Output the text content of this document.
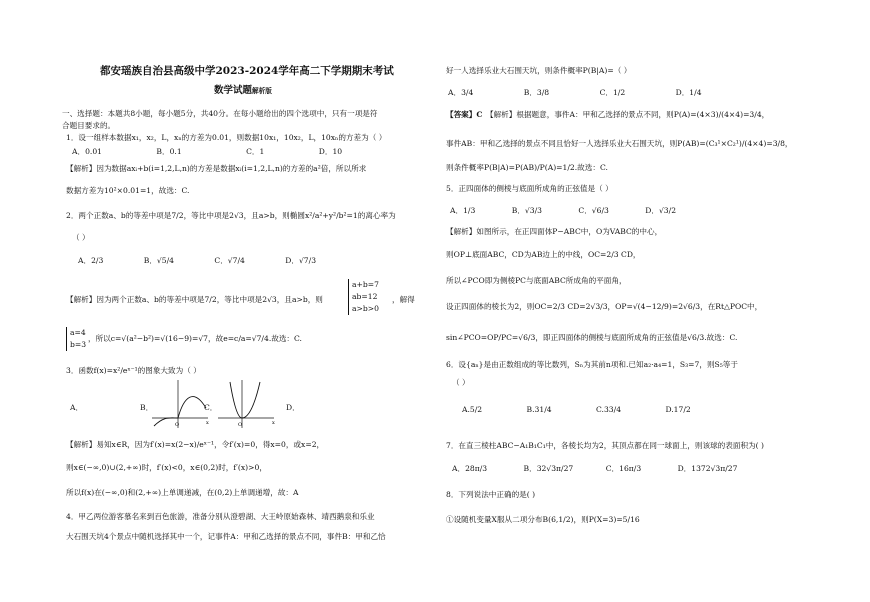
都安瑶族自治县高级中学2023-2024学年高二下学期期末考试
数学试题解析版
一、选择题：本题共8小题，每小题5分，共40分。在每小题给出的四个选项中，只有一项是符
合题目要求的。
1．设一组样本数据x₁，x₂，L，xₙ的方差为0.01，则数据10x₁，10x₂，L，10xₙ的方差为（ ）
A．0.01	B．0.1	C．1	D．10
【解析】因为数据axᵢ+b(i=1,2,L,n)的方差是数据xᵢ(i=1,2,L,n)的方差的a²倍，所以所求
数据方差为10²×0.01=1，故选：C.
2．两个正数a、b的等差中项是7/2，等比中项是2√3，且a>b，则椭圆x²/a²+y²/b²=1的离心率为
（ ）
A．2/3	B．√5/4	C．√7/4	D．√7/3
【解析】因为两个正数a、b的等差中项是7/2，等比中项是2√3，且a>b，则
a+b=7
ab=12
a>b>0
，解得
a=4
b=3
，所以c=√(a²−b²)=√(16−9)=√7，故e=c/a=√7/4.故选：C.
3．函数f(x)=x²/eˣ⁻¹的图象大致为（ ）
A．	B．	C．	D．
O	x	O	x
【解析】易知x∈R，因为f′(x)=x(2−x)/eˣ⁻¹，令f′(x)=0，得x=0，或x=2，
则x∈(−∞,0)∪(2,+∞)时，f′(x)<0，x∈(0,2)时，f′(x)>0，
所以f(x)在(−∞,0)和(2,+∞)上单调递减，在(0,2)上单调递增，故：A
4．甲乙两位游客慕名来到百色旅游，准备分别从澄碧湖、大王岭原始森林、靖西鹅泉和乐业
大石围天坑4个景点中随机选择其中一个，记事件A：甲和乙选择的景点不同，事件B：甲和乙恰
好一人选择乐业大石围天坑，则条件概率P(B|A)=（ ）
A．3/4	B．3/8	C．1/2	D．1/4
【答案】C 【解析】根据题意，事件A：甲和乙选择的景点不同，则P(A)=(4×3)/(4×4)=3/4，
事件AB：甲和乙选择的景点不同且恰好一人选择乐业大石围天坑，则P(AB)=(C₃¹×C₂¹)/(4×4)=3/8，
则条件概率P(B|A)=P(AB)/P(A)=1/2.故选：C.
5．正四面体的侧棱与底面所成角的正弦值是（ ）
A．1/3	B．√3/3	C．√6/3	D．√3/2
【解析】如图所示，在正四面体P−ABC中，O为VABC的中心，
则OP⊥底面ABC，CD为AB边上的中线，OC=2/3 CD，
所以∠PCO即为侧棱PC与底面ABC所成角的平面角，
设正四面体的棱长为2，则OC=2/3 CD=2√3/3，OP=√(4−12/9)=2√6/3，在Rt△POC中，
sin∠PCO=OP/PC=√6/3，即正四面体的侧棱与底面所成角的正弦值是√6/3.故选：C.
6．设{aₙ}是由正数组成的等比数列，Sₙ为其前n项和.已知a₂·a₄=1，S₃=7，则S₅等于
（ ）
A.5/2	B.31/4	C.33/4	D.17/2
7．在直三棱柱ABC−A₁B₁C₁中，各棱长均为2，其顶点都在同一球面上，则该球的表面积为( )
A．28π/3	B．32√3π/27	C．16π/3	D．1372√3π/27
8．下列说法中正确的是( )
①设随机变量X服从二项分布B(6,1/2)，则P(X=3)=5/16
